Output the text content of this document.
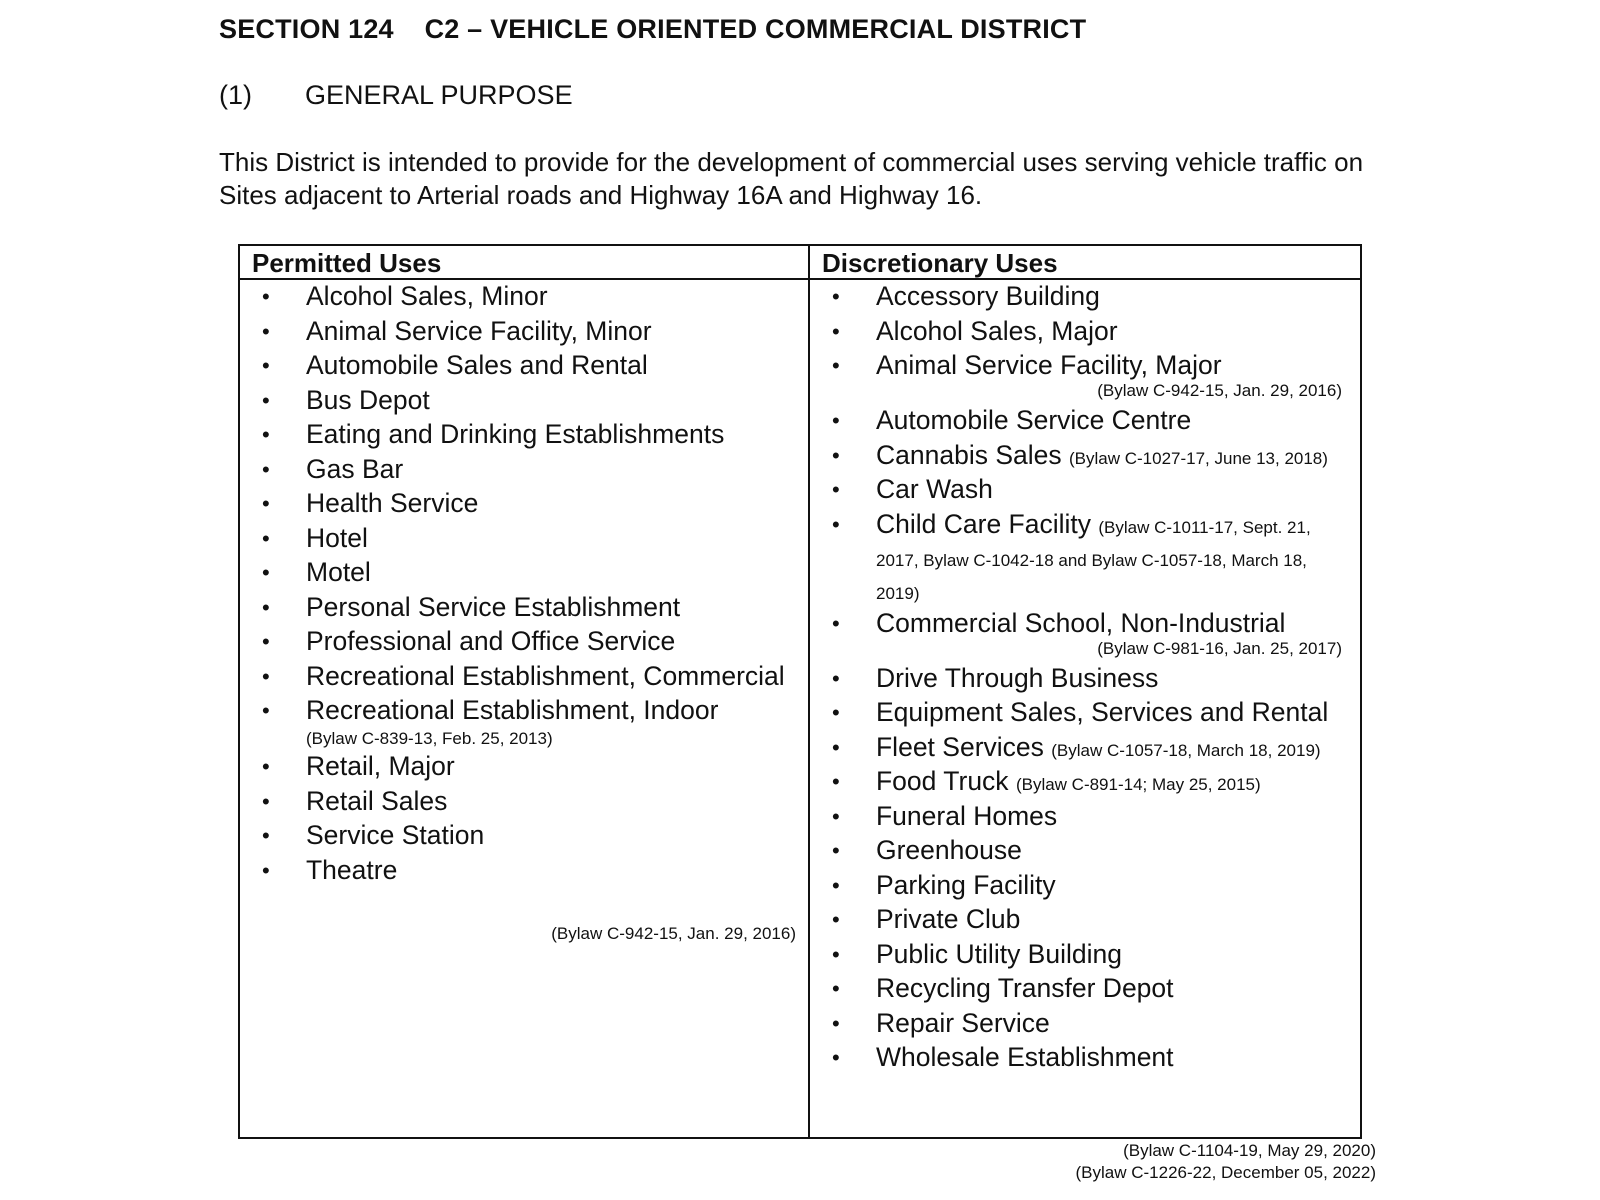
SECTION 124    C2 – VEHICLE ORIENTED COMMERCIAL DISTRICT
(1) GENERAL PURPOSE

This District is intended to provide for the development of commercial uses serving vehicle traffic on Sites adjacent to Arterial roads and Highway 16A and Highway 16.

Permitted Uses	Discretionary Uses
• Alcohol Sales, Minor
• Animal Service Facility, Minor
• Automobile Sales and Rental
• Bus Depot
• Eating and Drinking Establishments
• Gas Bar
• Health Service
• Hotel
• Motel
• Personal Service Establishment
• Professional and Office Service
• Recreational Establishment, Commercial
• Recreational Establishment, Indoor
(Bylaw C-839-13, Feb. 25, 2013)
• Retail, Major
• Retail Sales
• Service Station
• Theatre
(Bylaw C-942-15, Jan. 29, 2016)
• Accessory Building
• Alcohol Sales, Major
• Animal Service Facility, Major
(Bylaw C-942-15, Jan. 29, 2016)
• Automobile Service Centre
• Cannabis Sales (Bylaw C-1027-17, June 13, 2018)
• Car Wash
• Child Care Facility (Bylaw C-1011-17, Sept. 21, 2017, Bylaw C-1042-18 and Bylaw C-1057-18, March 18, 2019)
• Commercial School, Non-Industrial
(Bylaw C-981-16, Jan. 25, 2017)
• Drive Through Business
• Equipment Sales, Services and Rental
• Fleet Services (Bylaw C-1057-18, March 18, 2019)
• Food Truck (Bylaw C-891-14; May 25, 2015)
• Funeral Homes
• Greenhouse
• Parking Facility
• Private Club
• Public Utility Building
• Recycling Transfer Depot
• Repair Service
• Wholesale Establishment
(Bylaw C-1104-19, May 29, 2020)
(Bylaw C-1226-22, December 05, 2022)
